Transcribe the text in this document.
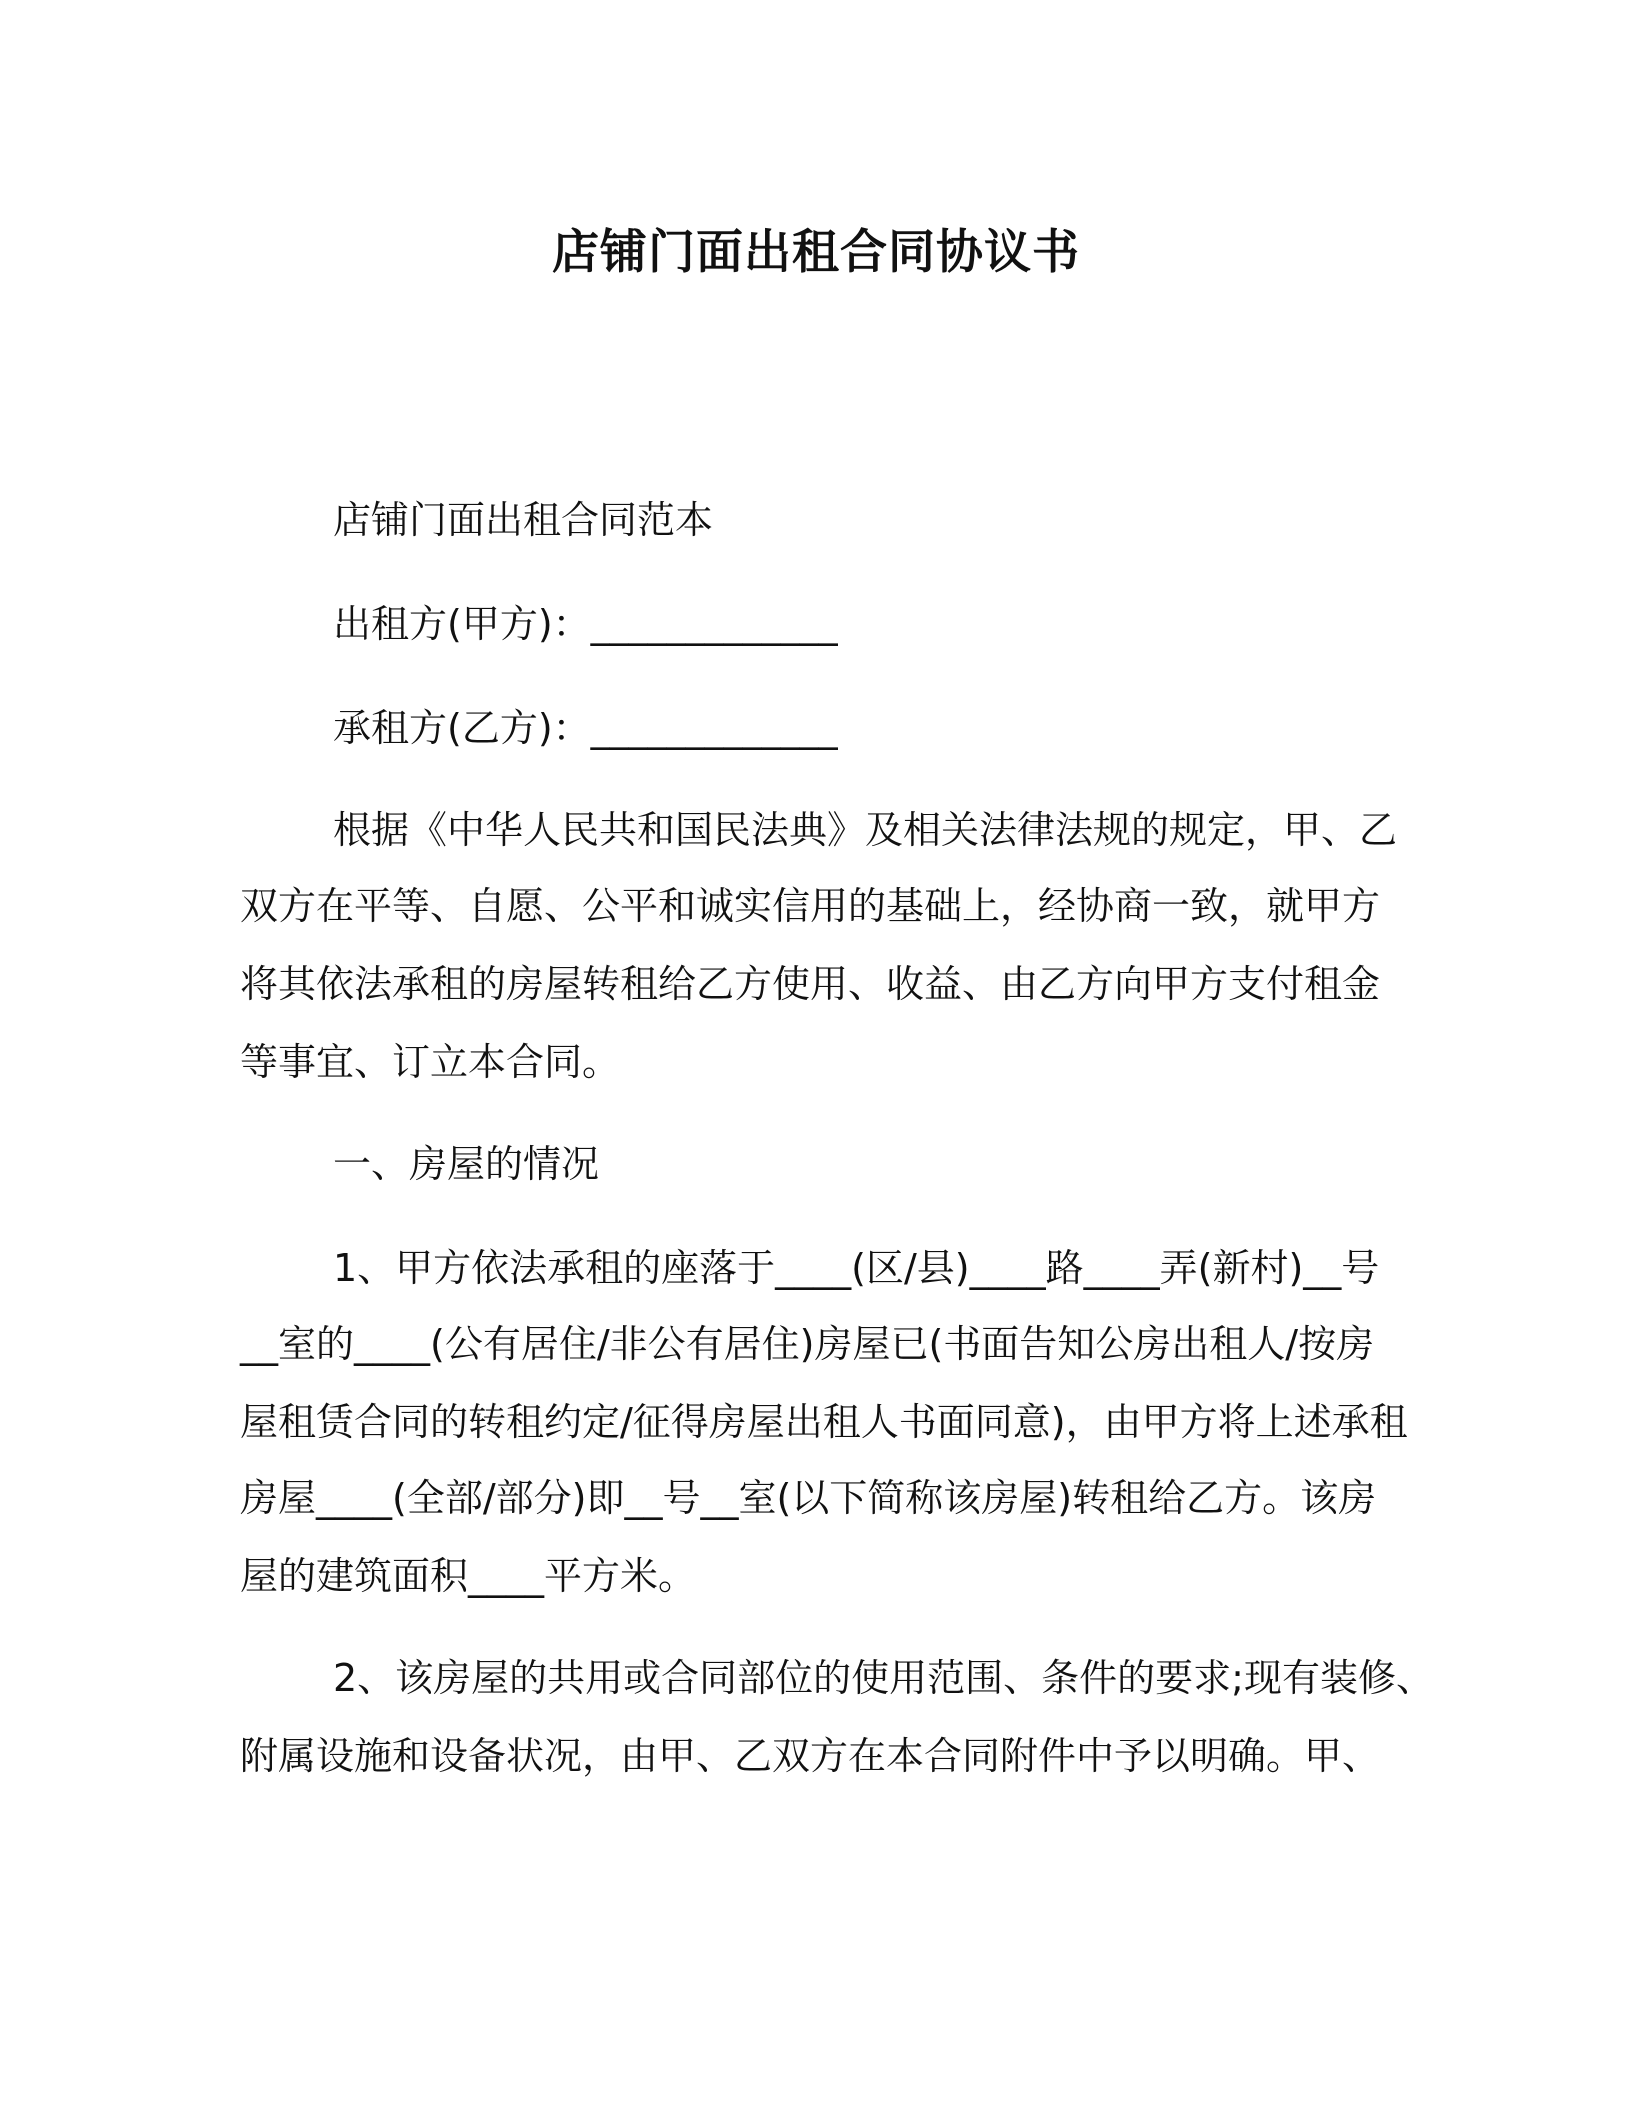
店铺门面出租合同协议书
店铺门面出租合同范本
出租方(甲方)：_____________
承租方(乙方)：_____________
根据《中华人民共和国民法典》及相关法律法规的规定，甲、乙
双方在平等、自愿、公平和诚实信用的基础上，经协商一致，就甲方
将其依法承租的房屋转租给乙方使用、收益、由乙方向甲方支付租金
等事宜、订立本合同。
一、房屋的情况
1、甲方依法承租的座落于____(区/县)____路____弄(新村)__号
__室的____(公有居住/非公有居住)房屋已(书面告知公房出租人/按房
屋租赁合同的转租约定/征得房屋出租人书面同意)，由甲方将上述承租
房屋____(全部/部分)即__号__室(以下简称该房屋)转租给乙方。该房
屋的建筑面积____平方米。
2、该房屋的共用或合同部位的使用范围、条件的要求;现有装修、
附属设施和设备状况，由甲、乙双方在本合同附件中予以明确。甲、
